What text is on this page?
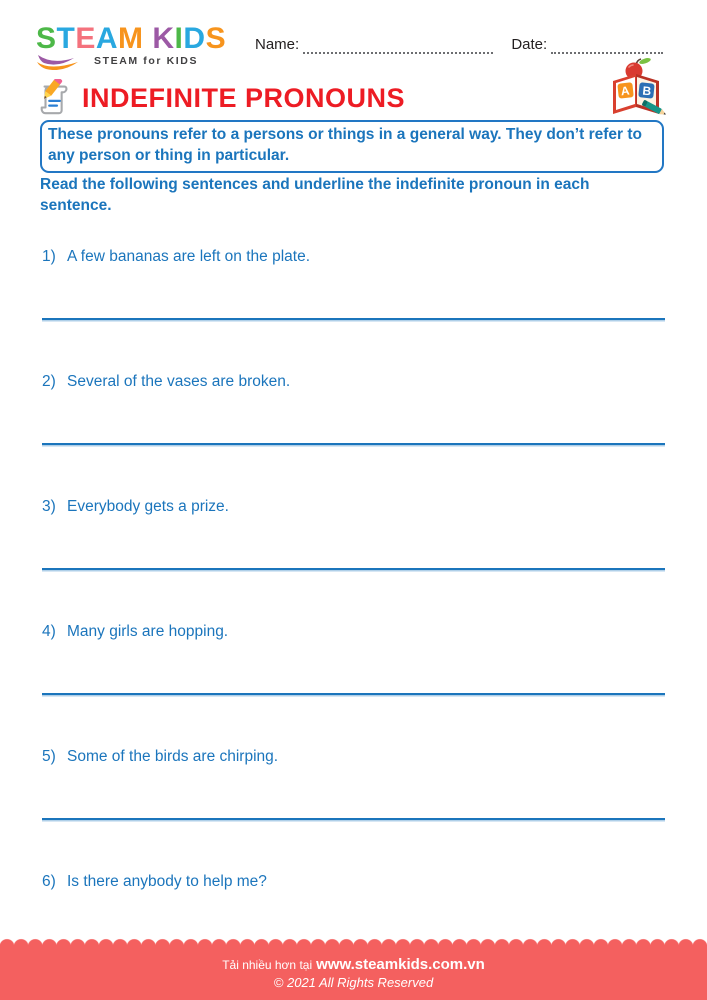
STEAM KIDS
STEAM for KIDS
Name:	Date:
INDEFINITE PRONOUNS	A B

These pronouns refer to a persons or things in a general way. They don’t refer to any person or thing in particular.

Read the following sentences and underline the indefinite pronoun in each sentence.

1) A few bananas are left on the plate.
2) Several of the vases are broken.
3) Everybody gets a prize.
4) Many girls are hopping.
5) Some of the birds are chirping.
6) Is there anybody to help me?
Tải nhiều hơn tại www.steamkids.com.vn
© 2021 All Rights Reserved
